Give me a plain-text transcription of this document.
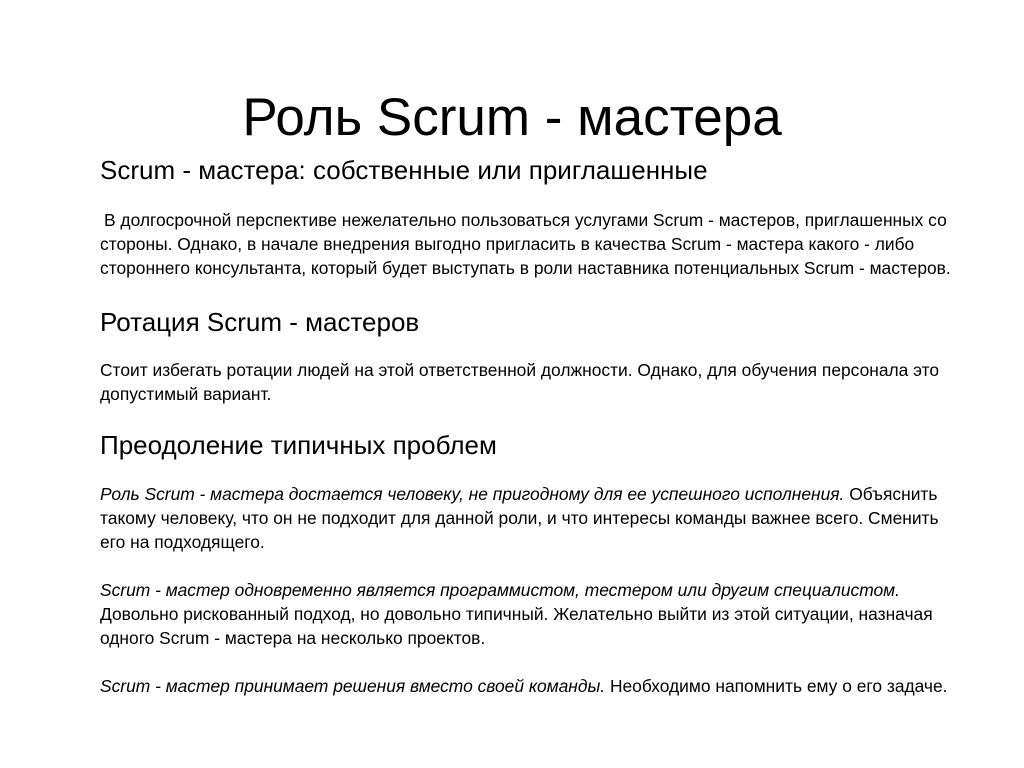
Роль Scrum - мастера
Scrum - мастера: собственные или приглашенные

В долгосрочной перспективе нежелательно пользоваться услугами Scrum - мастеров, приглашенных со стороны. Однако, в начале внедрения выгодно пригласить в качества Scrum - мастера какого - либо стороннего консультанта, который будет выступать в роли наставника потенциальных Scrum - мастеров.

Ротация Scrum - мастеров

Стоит избегать ротации людей на этой ответственной должности. Однако, для обучения персонала это допустимый вариант.

Преодоление типичных проблем

Роль Scrum - мастера достается человеку, не пригодному для ее успешного исполнения. Объяснить такому человеку, что он не подходит для данной роли, и что интересы команды важнее всего. Сменить его на подходящего.

Scrum - мастер одновременно является программистом, тестером или другим специалистом. Довольно рискованный подход, но довольно типичный. Желательно выйти из этой ситуации, назначая одного Scrum - мастера на несколько проектов.

Scrum - мастер принимает решения вместо своей команды. Необходимо напомнить ему о его задаче.
